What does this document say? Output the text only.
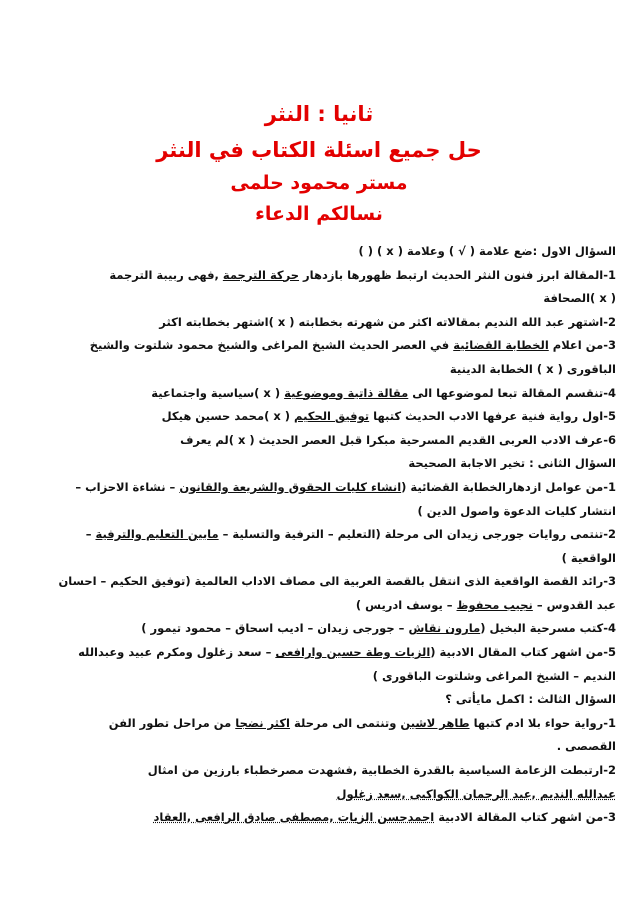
ثانيا : النثر
حل جميع اسئلة الكتاب في النثر
مستر محمود حلمى
نسالكم الدعاء
السؤال الاول :ضع علامة ( √ ) وعلامة ( x ) ( )
1-المقالة ابرز فنون النثر الحديث ارتبط ظهورها بازدهار حركة الترجمة ,فهى ربيبة الترجمة
( x )الصحافة
2-اشتهر عبد الله النديم بمقالاته اكثر من شهرته بخطابته ( x )اشتهر بخطابته اكثر
3-من اعلام الخطابة القضائية في العصر الحديث الشيخ المراغى والشيخ محمود شلتوت والشيخ
الباقورى ( x ) الخطابة الدينية
4-تنقسم المقالة تبعا لموضوعها الى مقالة ذاتية وموضوعية ( x )سياسية واجتماعية
5-اول رواية فنية عرفها الادب الحديث كتبها توفيق الحكيم ( x )محمد حسين هيكل
6-عرف الادب العربى القديم المسرحية مبكرا قبل العصر الحديث ( x )لم يعرف
السؤال الثانى : تخير الاجابة الصحيحة
1-من عوامل ازدهارالخطابة القضائية (انشاء كليات الحقوق والشريعة والقانون – نشاءة الاحزاب –
انتشار كليات الدعوة واصول الدين )
2-تنتمى روايات جورجى زيدان الى مرحلة (التعليم – الترفية والتسلية – مابين التعليم والترفية –
الواقعية )
3-رائد القصة الواقعية الذى انتقل بالقصة العربية الى مصاف الاداب العالمية (توفيق الحكيم – احسان
عبد القدوس – نجيب محفوظ – يوسف ادريس )
4-كتب مسرحية البخيل (مارون نقاش – جورجى زيدان – اديب اسحاق – محمود تيمور )
5-من اشهر كتاب المقال الادبية (الزيات وطة حسين وارافعى – سعد زغلول ومكرم عبيد وعبدالله
النديم – الشيخ المراغى وشلتوت الباقورى )
السؤال الثالث : اكمل مايأتى ؟
1-رواية حواء بلا ادم كتبها طاهر لاشين وتنتمى الى مرحلة اكثر نضجا من مراحل تطور الفن
القصصى .
2-ارتبطت الزعامة السياسية بالقدرة الخطابية ,فشهدت مصرخطباء بارزين من امثال
عبدالله النديم ,عبد الرحمان الكواكبى ,سعد زغلول
3-من اشهر كتاب المقالة الادبية احمدحسن الزيات ,مصطفى صادق الرافعى ,العقاد
